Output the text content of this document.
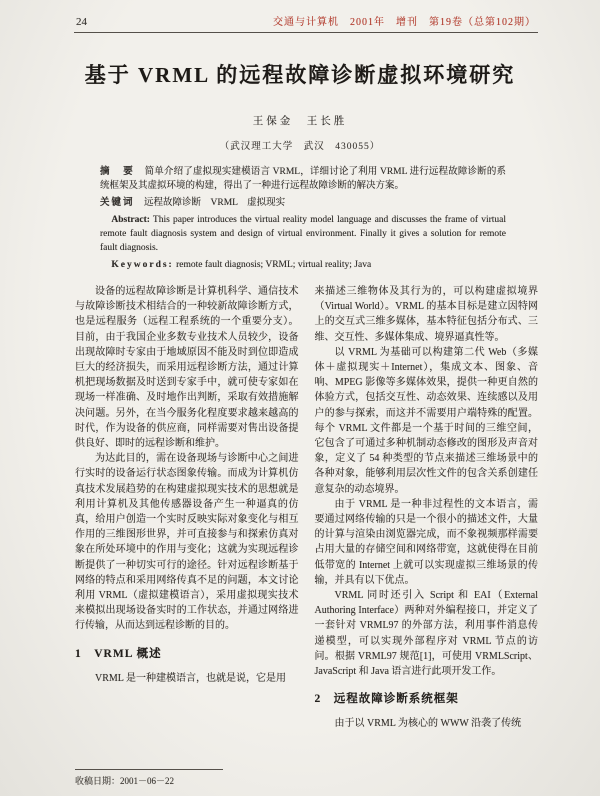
24	交通与计算机　2001年　增刊　第19卷（总第102期）
基于 VRML 的远程故障诊断虚拟环境研究
王保金　王长胜
（武汉理工大学　武汉　430055）

摘　要　 简单介绍了虚拟现实建模语言 VRML，详细讨论了利用 VRML 进行远程故障诊断的系统框架及其虚拟环境的构建，得出了一种进行远程故障诊断的解决方案。

关键词　 远程故障诊断　VRML　虚拟现实

Abstract: This paper introduces the virtual reality model language and discusses the frame of virtual remote fault diagnosis system and design of virtual environment. Finally it gives a solution for remote fault diagnosis.

Keywords: remote fault diagnosis; VRML; virtual reality; Java

设备的远程故障诊断是计算机科学、通信技术与故障诊断技术相结合的一种较新故障诊断方式，也是远程服务（远程工程系统的一个重要分支）。目前，由于我国企业多数专业技术人员较少，设备出现故障时专家由于地域原因不能及时到位即造成巨大的经济损失，而采用远程诊断方法，通过计算机把现场数据及时送到专家手中，就可使专家如在现场一样准确、及时地作出判断，采取有效措施解决问题。另外，在当今服务化程度要求越来越高的时代，作为设备的供应商，同样需要对售出设备提供良好、即时的远程诊断和维护。

为达此目的，需在设备现场与诊断中心之间进行实时的设备运行状态图象传输。而成为计算机仿真技术发展趋势的在构建虚拟现实技术的思想就是利用计算机及其他传感器设备产生一种逼真的仿真，给用户创造一个实时反映实际对象变化与相互作用的三维图形世界，并可直接参与和探索仿真对象在所处环境中的作用与变化；这就为实现远程诊断提供了一种切实可行的途径。针对远程诊断基于网络的特点和采用网络传真不足的问题，本文讨论利用 VRML（虚拟建模语言），采用虚拟现实技术来模拟出现场设备实时的工作状态，并通过网络进行传输，从而达到远程诊断的目的。

1　VRML 概述

VRML 是一种建模语言，也就是说，它是用

来描述三维物体及其行为的，可以构建虚拟境界（Virtual World）。VRML 的基本目标是建立因特网上的交互式三维多媒体，基本特征包括分布式、三维、交互性、多媒体集成、境界逼真性等。

以 VRML 为基础可以构建第二代 Web（多媒体＋虚拟现实＋Internet），集成文本、图象、音响、MPEG 影像等多媒体效果，提供一种更自然的体验方式，包括交互性、动态效果、连续感以及用户的参与探索，而这并不需要用户端特殊的配置。每个 VRML 文件都是一个基于时间的三维空间，它包含了可通过多种机制动态修改的图形及声音对象，定义了 54 种类型的节点来描述三维场景中的各种对象，能够利用层次性文件的包含关系创建任意复杂的动态境界。

由于 VRML 是一种非过程性的文本语言，需要通过网络传输的只是一个很小的描述文件，大量的计算与渲染由浏览器完成，而不象视频那样需要占用大量的存储空间和网络带宽，这就使得在目前低带宽的 Internet 上就可以实现虚拟三维场景的传输，并具有以下优点。

VRML 同时还引入 Script 和 EAI（External Authoring Interface）两种对外编程接口，并定义了一套针对 VRML97 的外部方法，利用事件消息传递模型，可以实现外部程序对 VRML 节点的访问。根据 VRML97 规范[1]，可使用 VRMLScript、JavaScript 和 Java 语言进行此项开发工作。

2　远程故障诊断系统框架

由于以 VRML 为核心的 WWW 沿袭了传统

收稿日期：2001－06－22
